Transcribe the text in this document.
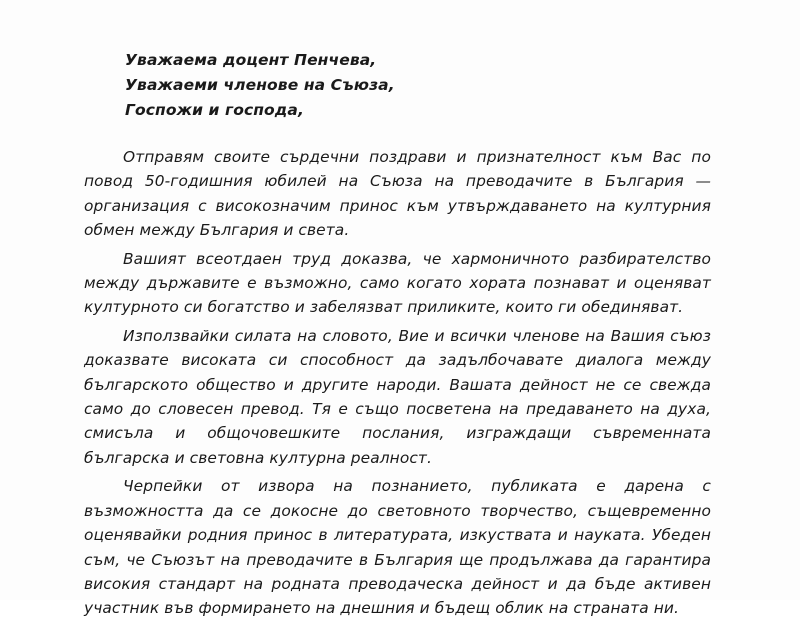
Уважаема доцент Пенчева,
Уважаеми членове на Съюза,
Госпожи и господа,

Отправям своите сърдечни поздрави и признателност към Вас по повод 50-годишния юбилей на Съюза на преводачите в България — организация с високозначим принос към утвърждаването на културния обмен между България и света.

Вашият всеотдаен труд доказва, че хармоничното разбирателство между държавите е възможно, само когато хората познават и оценяват културното си богатство и забелязват приликите, които ги обединяват.

Използвайки силата на словото, Вие и всички членове на Вашия съюз доказвате високата си способност да задълбочавате диалога между българското общество и другите народи. Вашата дейност не се свежда само до словесен превод. Тя е също посветена на предаването на духа, смисъла и общочовешките послания, изграждащи съвременната българска и световна културна реалност.

Черпейки от извора на познанието, публиката е дарена с възможността да се докосне до световното творчество, същевременно оценявайки родния принос в литературата, изкуствата и науката. Убеден съм, че Съюзът на преводачите в България ще продължава да гарантира високия стандарт на родната преводаческа дейност и да бъде активен участник във формирането на днешния и бъдещ облик на страната ни.
